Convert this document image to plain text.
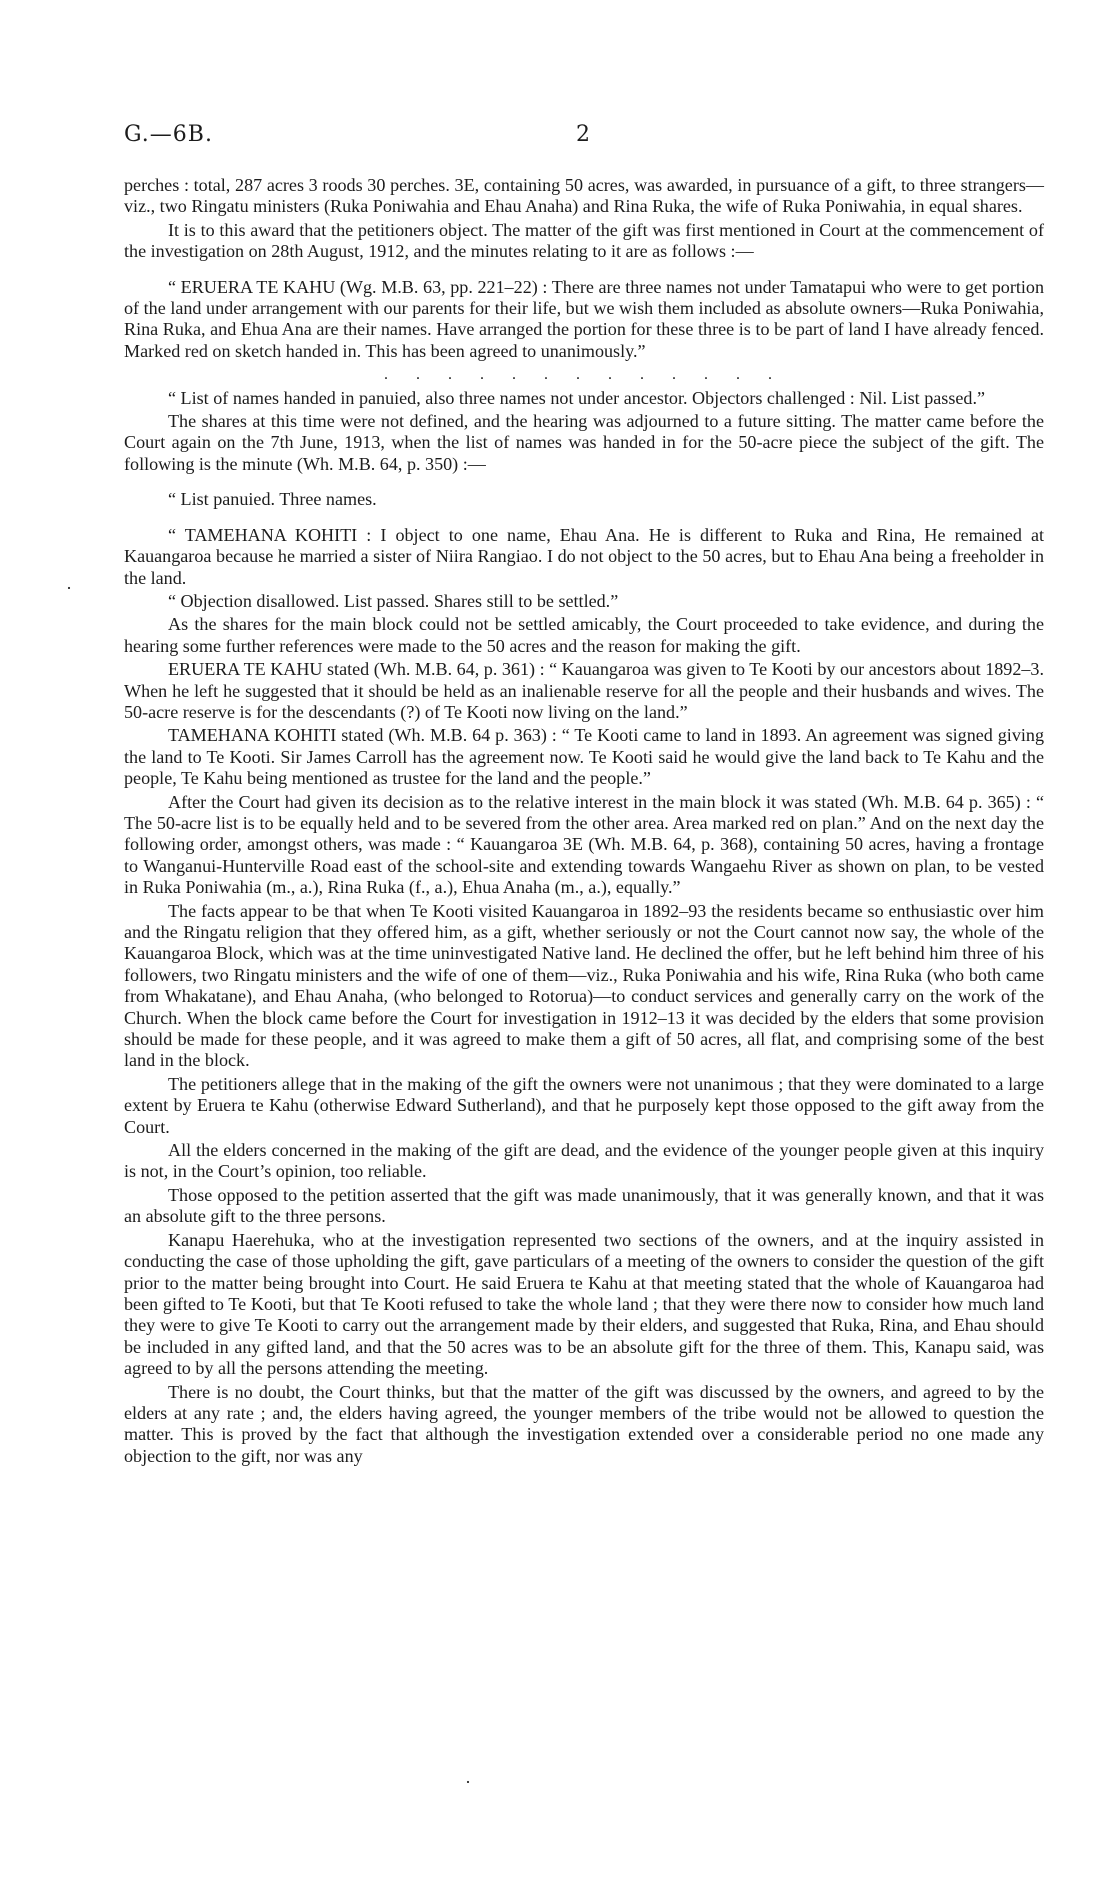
G.—6B.	2

perches : total, 287 acres 3 roods 30 perches. 3E, containing 50 acres, was awarded, in pursuance of a gift, to three strangers—viz., two Ringatu ministers (Ruka Poniwahia and Ehau Anaha) and Rina Ruka, the wife of Ruka Poniwahia, in equal shares.

It is to this award that the petitioners object. The matter of the gift was first mentioned in Court at the commencement of the investigation on 28th August, 1912, and the minutes relating to it are as follows :—

“ ERUERA TE KAHU (Wg. M.B. 63, pp. 221–22) : There are three names not under Tamatapui who were to get portion of the land under arrangement with our parents for their life, but we wish them included as absolute owners—Ruka Poniwahia, Rina Ruka, and Ehua Ana are their names. Have arranged the portion for these three is to be part of land I have already fenced. Marked red on sketch handed in. This has been agreed to unanimously.”

. . . . . . . . . . . . .

“ List of names handed in panuied, also three names not under ancestor. Objectors challenged : Nil. List passed.”

The shares at this time were not defined, and the hearing was adjourned to a future sitting. The matter came before the Court again on the 7th June, 1913, when the list of names was handed in for the 50-acre piece the subject of the gift. The following is the minute (Wh. M.B. 64, p. 350) :—

“ List panuied. Three names.

“ TAMEHANA KOHITI : I object to one name, Ehau Ana. He is different to Ruka and Rina, He remained at Kauangaroa because he married a sister of Niira Rangiao. I do not object to the 50 acres, but to Ehau Ana being a freeholder in the land.

“ Objection disallowed. List passed. Shares still to be settled.”

As the shares for the main block could not be settled amicably, the Court proceeded to take evidence, and during the hearing some further references were made to the 50 acres and the reason for making the gift.

ERUERA TE KAHU stated (Wh. M.B. 64, p. 361) : “ Kauangaroa was given to Te Kooti by our ancestors about 1892–3. When he left he suggested that it should be held as an inalienable reserve for all the people and their husbands and wives. The 50-acre reserve is for the descendants (?) of Te Kooti now living on the land.”

TAMEHANA KOHITI stated (Wh. M.B. 64 p. 363) : “ Te Kooti came to land in 1893. An agreement was signed giving the land to Te Kooti. Sir James Carroll has the agreement now. Te Kooti said he would give the land back to Te Kahu and the people, Te Kahu being mentioned as trustee for the land and the people.”

After the Court had given its decision as to the relative interest in the main block it was stated (Wh. M.B. 64 p. 365) : “ The 50-acre list is to be equally held and to be severed from the other area. Area marked red on plan.” And on the next day the following order, amongst others, was made : “ Kauangaroa 3E (Wh. M.B. 64, p. 368), containing 50 acres, having a frontage to Wanganui-Hunterville Road east of the school-site and extending towards Wangaehu River as shown on plan, to be vested in Ruka Poniwahia (m., a.), Rina Ruka (f., a.), Ehua Anaha (m., a.), equally.”

The facts appear to be that when Te Kooti visited Kauangaroa in 1892–93 the residents became so enthusiastic over him and the Ringatu religion that they offered him, as a gift, whether seriously or not the Court cannot now say, the whole of the Kauangaroa Block, which was at the time uninvestigated Native land. He declined the offer, but he left behind him three of his followers, two Ringatu ministers and the wife of one of them—viz., Ruka Poniwahia and his wife, Rina Ruka (who both came from Whakatane), and Ehau Anaha, (who belonged to Rotorua)—to conduct services and generally carry on the work of the Church. When the block came before the Court for investigation in 1912–13 it was decided by the elders that some provision should be made for these people, and it was agreed to make them a gift of 50 acres, all flat, and comprising some of the best land in the block.

The petitioners allege that in the making of the gift the owners were not unanimous ; that they were dominated to a large extent by Eruera te Kahu (otherwise Edward Sutherland), and that he purposely kept those opposed to the gift away from the Court.

All the elders concerned in the making of the gift are dead, and the evidence of the younger people given at this inquiry is not, in the Court’s opinion, too reliable.

Those opposed to the petition asserted that the gift was made unanimously, that it was generally known, and that it was an absolute gift to the three persons.

Kanapu Haerehuka, who at the investigation represented two sections of the owners, and at the inquiry assisted in conducting the case of those upholding the gift, gave particulars of a meeting of the owners to consider the question of the gift prior to the matter being brought into Court. He said Eruera te Kahu at that meeting stated that the whole of Kauangaroa had been gifted to Te Kooti, but that Te Kooti refused to take the whole land ; that they were there now to consider how much land they were to give Te Kooti to carry out the arrangement made by their elders, and suggested that Ruka, Rina, and Ehau should be included in any gifted land, and that the 50 acres was to be an absolute gift for the three of them. This, Kanapu said, was agreed to by all the persons attending the meeting.

There is no doubt, the Court thinks, but that the matter of the gift was discussed by the owners, and agreed to by the elders at any rate ; and, the elders having agreed, the younger members of the tribe would not be allowed to question the matter. This is proved by the fact that although the investigation extended over a considerable period no one made any objection to the gift, nor was any

·
·
